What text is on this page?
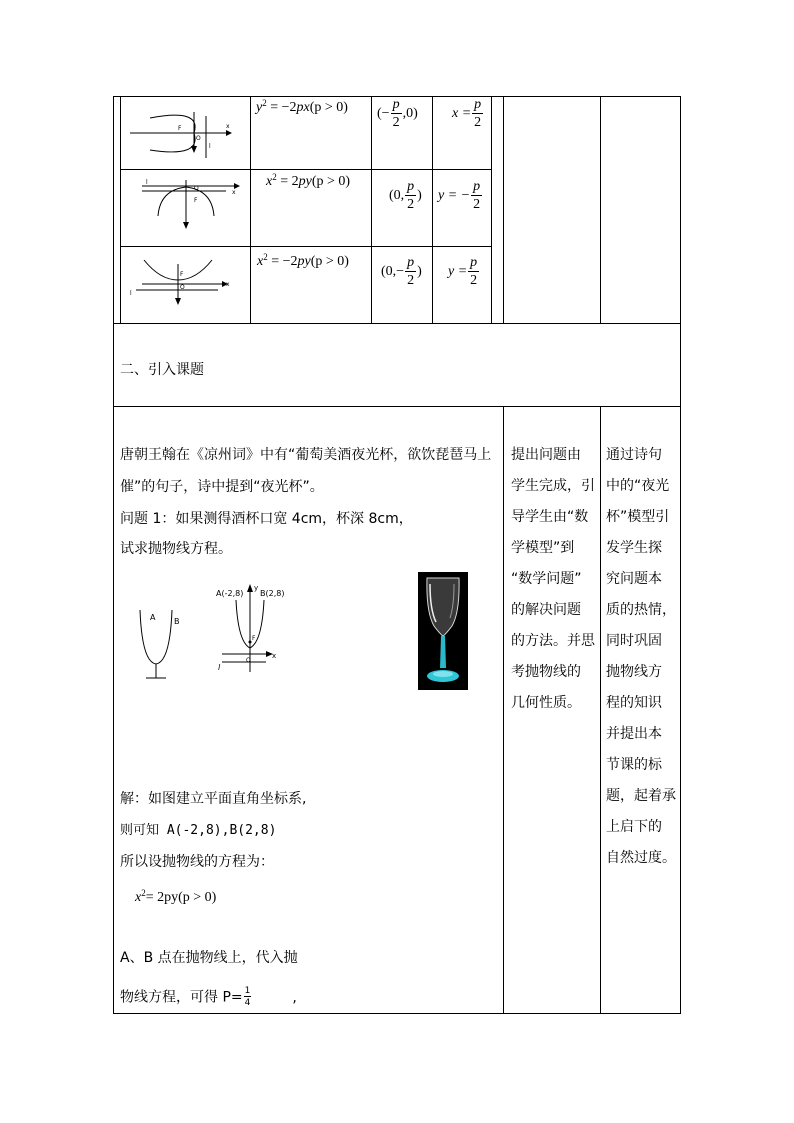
F
O
x
l
l
O
F
x
F
O	x
l
$y^2 = -2px(p > 0)$ (− $\frac{p}{2} ,0$) $x = \frac{p}{2}$
$x^2 = 2py(p > 0)$
(0, $\frac{p}{2}$ ) y = − $\frac{p}{2}$
$x^2 = -2py(p > 0)$
($0,- \frac{p}{2}$ ) $y = \frac{p}{2}$
二、引入课题
唐朝王翰在《凉州词》中有“葡萄美酒夜光杯，欲饮琵琶马上
催”的句子，诗中提到“夜光杯”。
问题 1：如果测得酒杯口宽 4cm，杯深 8cm，
试求抛物线方程。
A B
A(-2,8) B(2,8)
y
x
O
F
l
解：如图建立平面直角坐标系,
则可知 A(-2,8),B(2,8)
所以设抛物线的方程为：
$x^2= 2py(p > 0)$
A、B 点在抛物线上，代入抛
物线方程，可得 $P= \frac{1}{4}$	,
提出问题由
学生完成，引
导学生由“数
学模型”到
“数学问题”
的解决问题
的方法。并思
考抛物线的
几何性质。
通过诗句
中的“夜光
杯”模型引
发学生探
究问题本
质的热情，
同时巩固
抛物线方
程的知识
并提出本
节课的标
题，起着承
上启下的
自然过度。
